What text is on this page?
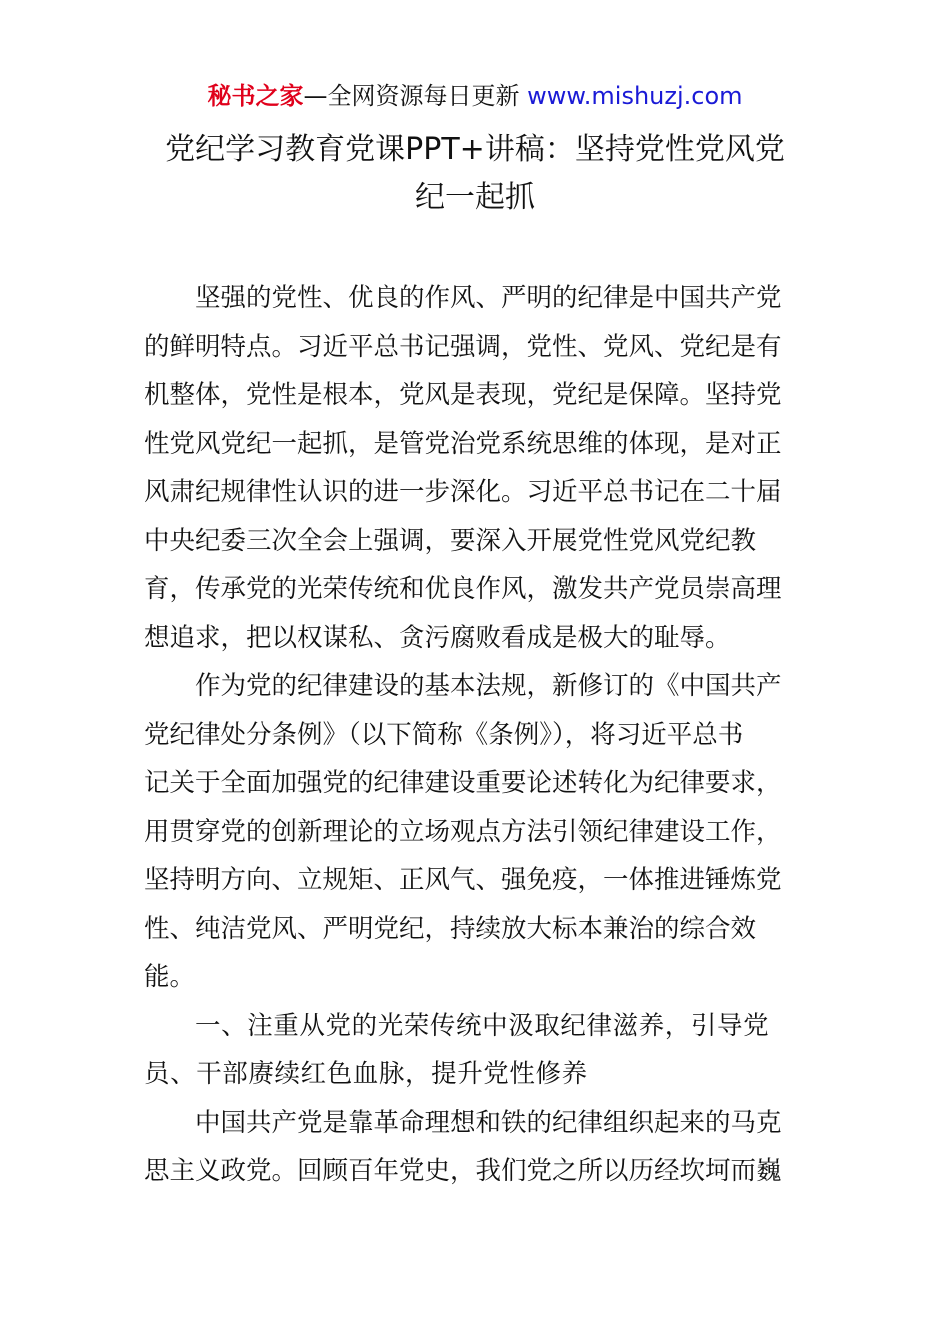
秘书之家—全网资源每日更新 www.mishuzj.com
党纪学习教育党课PPT+讲稿：坚持党性党风党
纪一起抓
坚强的党性、优良的作风、严明的纪律是中国共产党
的鲜明特点。习近平总书记强调，党性、党风、党纪是有
机整体，党性是根本，党风是表现，党纪是保障。坚持党
性党风党纪一起抓，是管党治党系统思维的体现，是对正
风肃纪规律性认识的进一步深化。习近平总书记在二十届
中央纪委三次全会上强调，要深入开展党性党风党纪教
育，传承党的光荣传统和优良作风，激发共产党员崇高理
想追求，把以权谋私、贪污腐败看成是极大的耻辱。
作为党的纪律建设的基本法规，新修订的《中国共产
党纪律处分条例》（以下简称《条例》），将习近平总书
记关于全面加强党的纪律建设重要论述转化为纪律要求，
用贯穿党的创新理论的立场观点方法引领纪律建设工作，
坚持明方向、立规矩、正风气、强免疫，一体推进锤炼党
性、纯洁党风、严明党纪，持续放大标本兼治的综合效
能。
一、注重从党的光荣传统中汲取纪律滋养，引导党
员、干部赓续红色血脉，提升党性修养
中国共产党是靠革命理想和铁的纪律组织起来的马克
思主义政党。回顾百年党史，我们党之所以历经坎坷而巍
